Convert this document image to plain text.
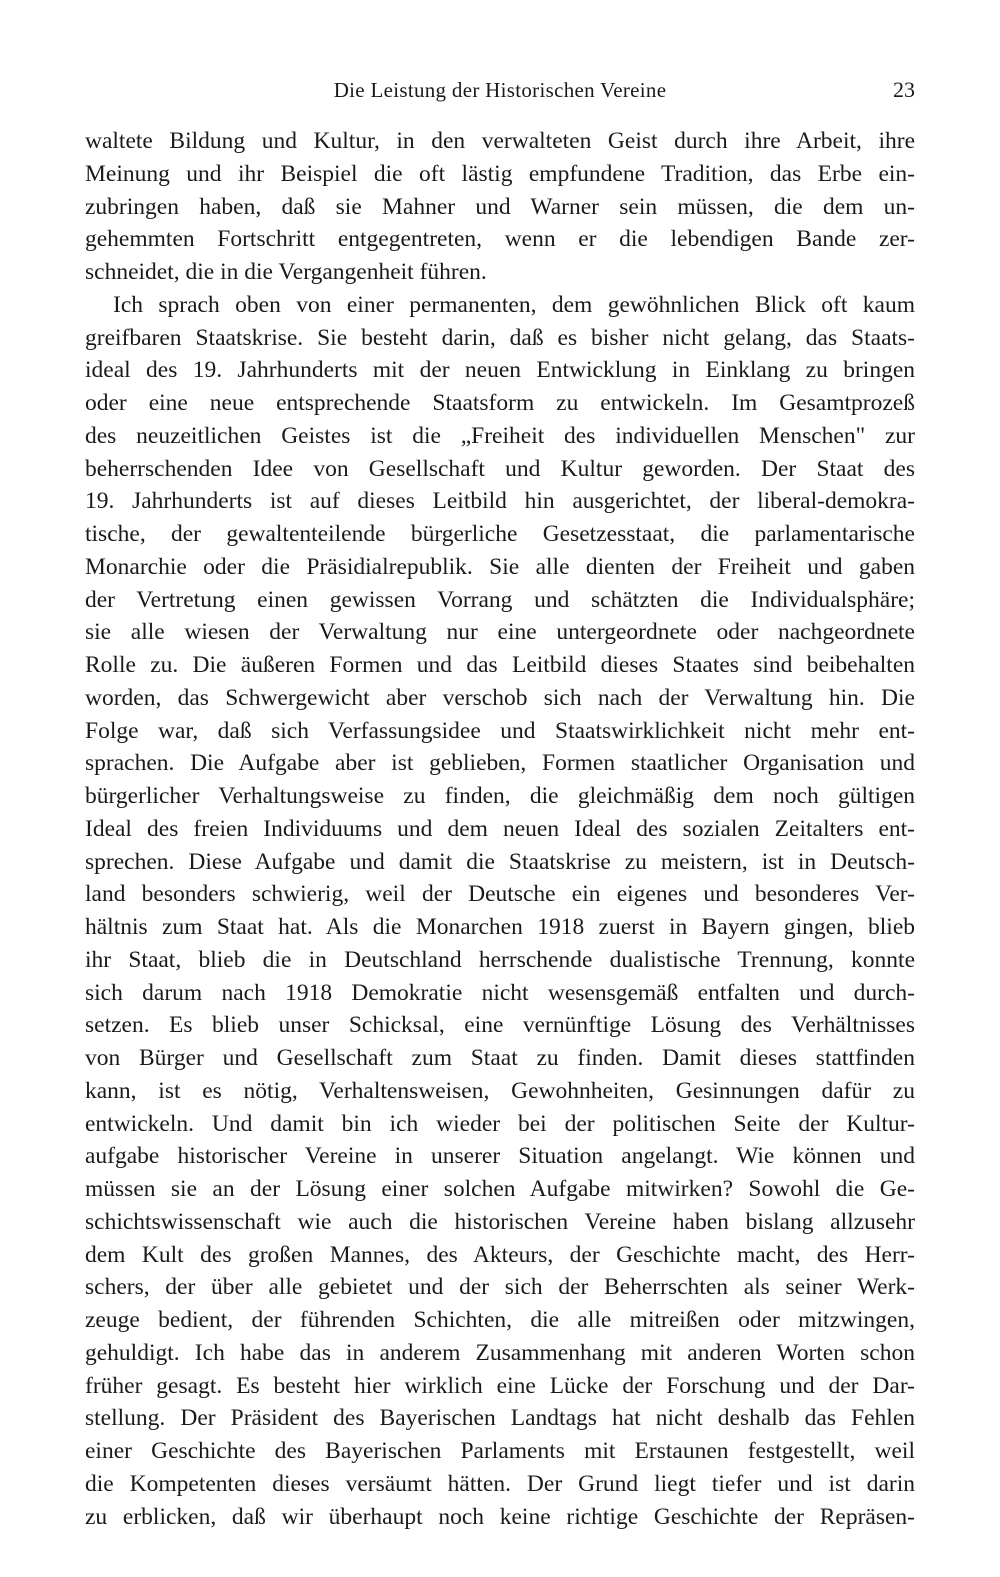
Die Leistung der Historischen Vereine	23
waltete Bildung und Kultur, in den verwalteten Geist durch ihre Arbeit, ihre
Meinung und ihr Beispiel die oft lästig empfundene Tradition, das Erbe ein-
zubringen haben, daß sie Mahner und Warner sein müssen, die dem un-
gehemmten Fortschritt entgegentreten, wenn er die lebendigen Bande zer-
schneidet, die in die Vergangenheit führen.
Ich sprach oben von einer permanenten, dem gewöhnlichen Blick oft kaum
greifbaren Staatskrise. Sie besteht darin, daß es bisher nicht gelang, das Staats-
ideal des 19. Jahrhunderts mit der neuen Entwicklung in Einklang zu bringen
oder eine neue entsprechende Staatsform zu entwickeln. Im Gesamtprozeß
des neuzeitlichen Geistes ist die „Freiheit des individuellen Menschen" zur
beherrschenden Idee von Gesellschaft und Kultur geworden. Der Staat des
19. Jahrhunderts ist auf dieses Leitbild hin ausgerichtet, der liberal-demokra-
tische, der gewaltenteilende bürgerliche Gesetzesstaat, die parlamentarische
Monarchie oder die Präsidialrepublik. Sie alle dienten der Freiheit und gaben
der Vertretung einen gewissen Vorrang und schätzten die Individualsphäre;
sie alle wiesen der Verwaltung nur eine untergeordnete oder nachgeordnete
Rolle zu. Die äußeren Formen und das Leitbild dieses Staates sind beibehalten
worden, das Schwergewicht aber verschob sich nach der Verwaltung hin. Die
Folge war, daß sich Verfassungsidee und Staatswirklichkeit nicht mehr ent-
sprachen. Die Aufgabe aber ist geblieben, Formen staatlicher Organisation und
bürgerlicher Verhaltungsweise zu finden, die gleichmäßig dem noch gültigen
Ideal des freien Individuums und dem neuen Ideal des sozialen Zeitalters ent-
sprechen. Diese Aufgabe und damit die Staatskrise zu meistern, ist in Deutsch-
land besonders schwierig, weil der Deutsche ein eigenes und besonderes Ver-
hältnis zum Staat hat. Als die Monarchen 1918 zuerst in Bayern gingen, blieb
ihr Staat, blieb die in Deutschland herrschende dualistische Trennung, konnte
sich darum nach 1918 Demokratie nicht wesensgemäß entfalten und durch-
setzen. Es blieb unser Schicksal, eine vernünftige Lösung des Verhältnisses
von Bürger und Gesellschaft zum Staat zu finden. Damit dieses stattfinden
kann, ist es nötig, Verhaltensweisen, Gewohnheiten, Gesinnungen dafür zu
entwickeln. Und damit bin ich wieder bei der politischen Seite der Kultur-
aufgabe historischer Vereine in unserer Situation angelangt. Wie können und
müssen sie an der Lösung einer solchen Aufgabe mitwirken? Sowohl die Ge-
schichtswissenschaft wie auch die historischen Vereine haben bislang allzusehr
dem Kult des großen Mannes, des Akteurs, der Geschichte macht, des Herr-
schers, der über alle gebietet und der sich der Beherrschten als seiner Werk-
zeuge bedient, der führenden Schichten, die alle mitreißen oder mitzwingen,
gehuldigt. Ich habe das in anderem Zusammenhang mit anderen Worten schon
früher gesagt. Es besteht hier wirklich eine Lücke der Forschung und der Dar-
stellung. Der Präsident des Bayerischen Landtags hat nicht deshalb das Fehlen
einer Geschichte des Bayerischen Parlaments mit Erstaunen festgestellt, weil
die Kompetenten dieses versäumt hätten. Der Grund liegt tiefer und ist darin
zu erblicken, daß wir überhaupt noch keine richtige Geschichte der Repräsen-
